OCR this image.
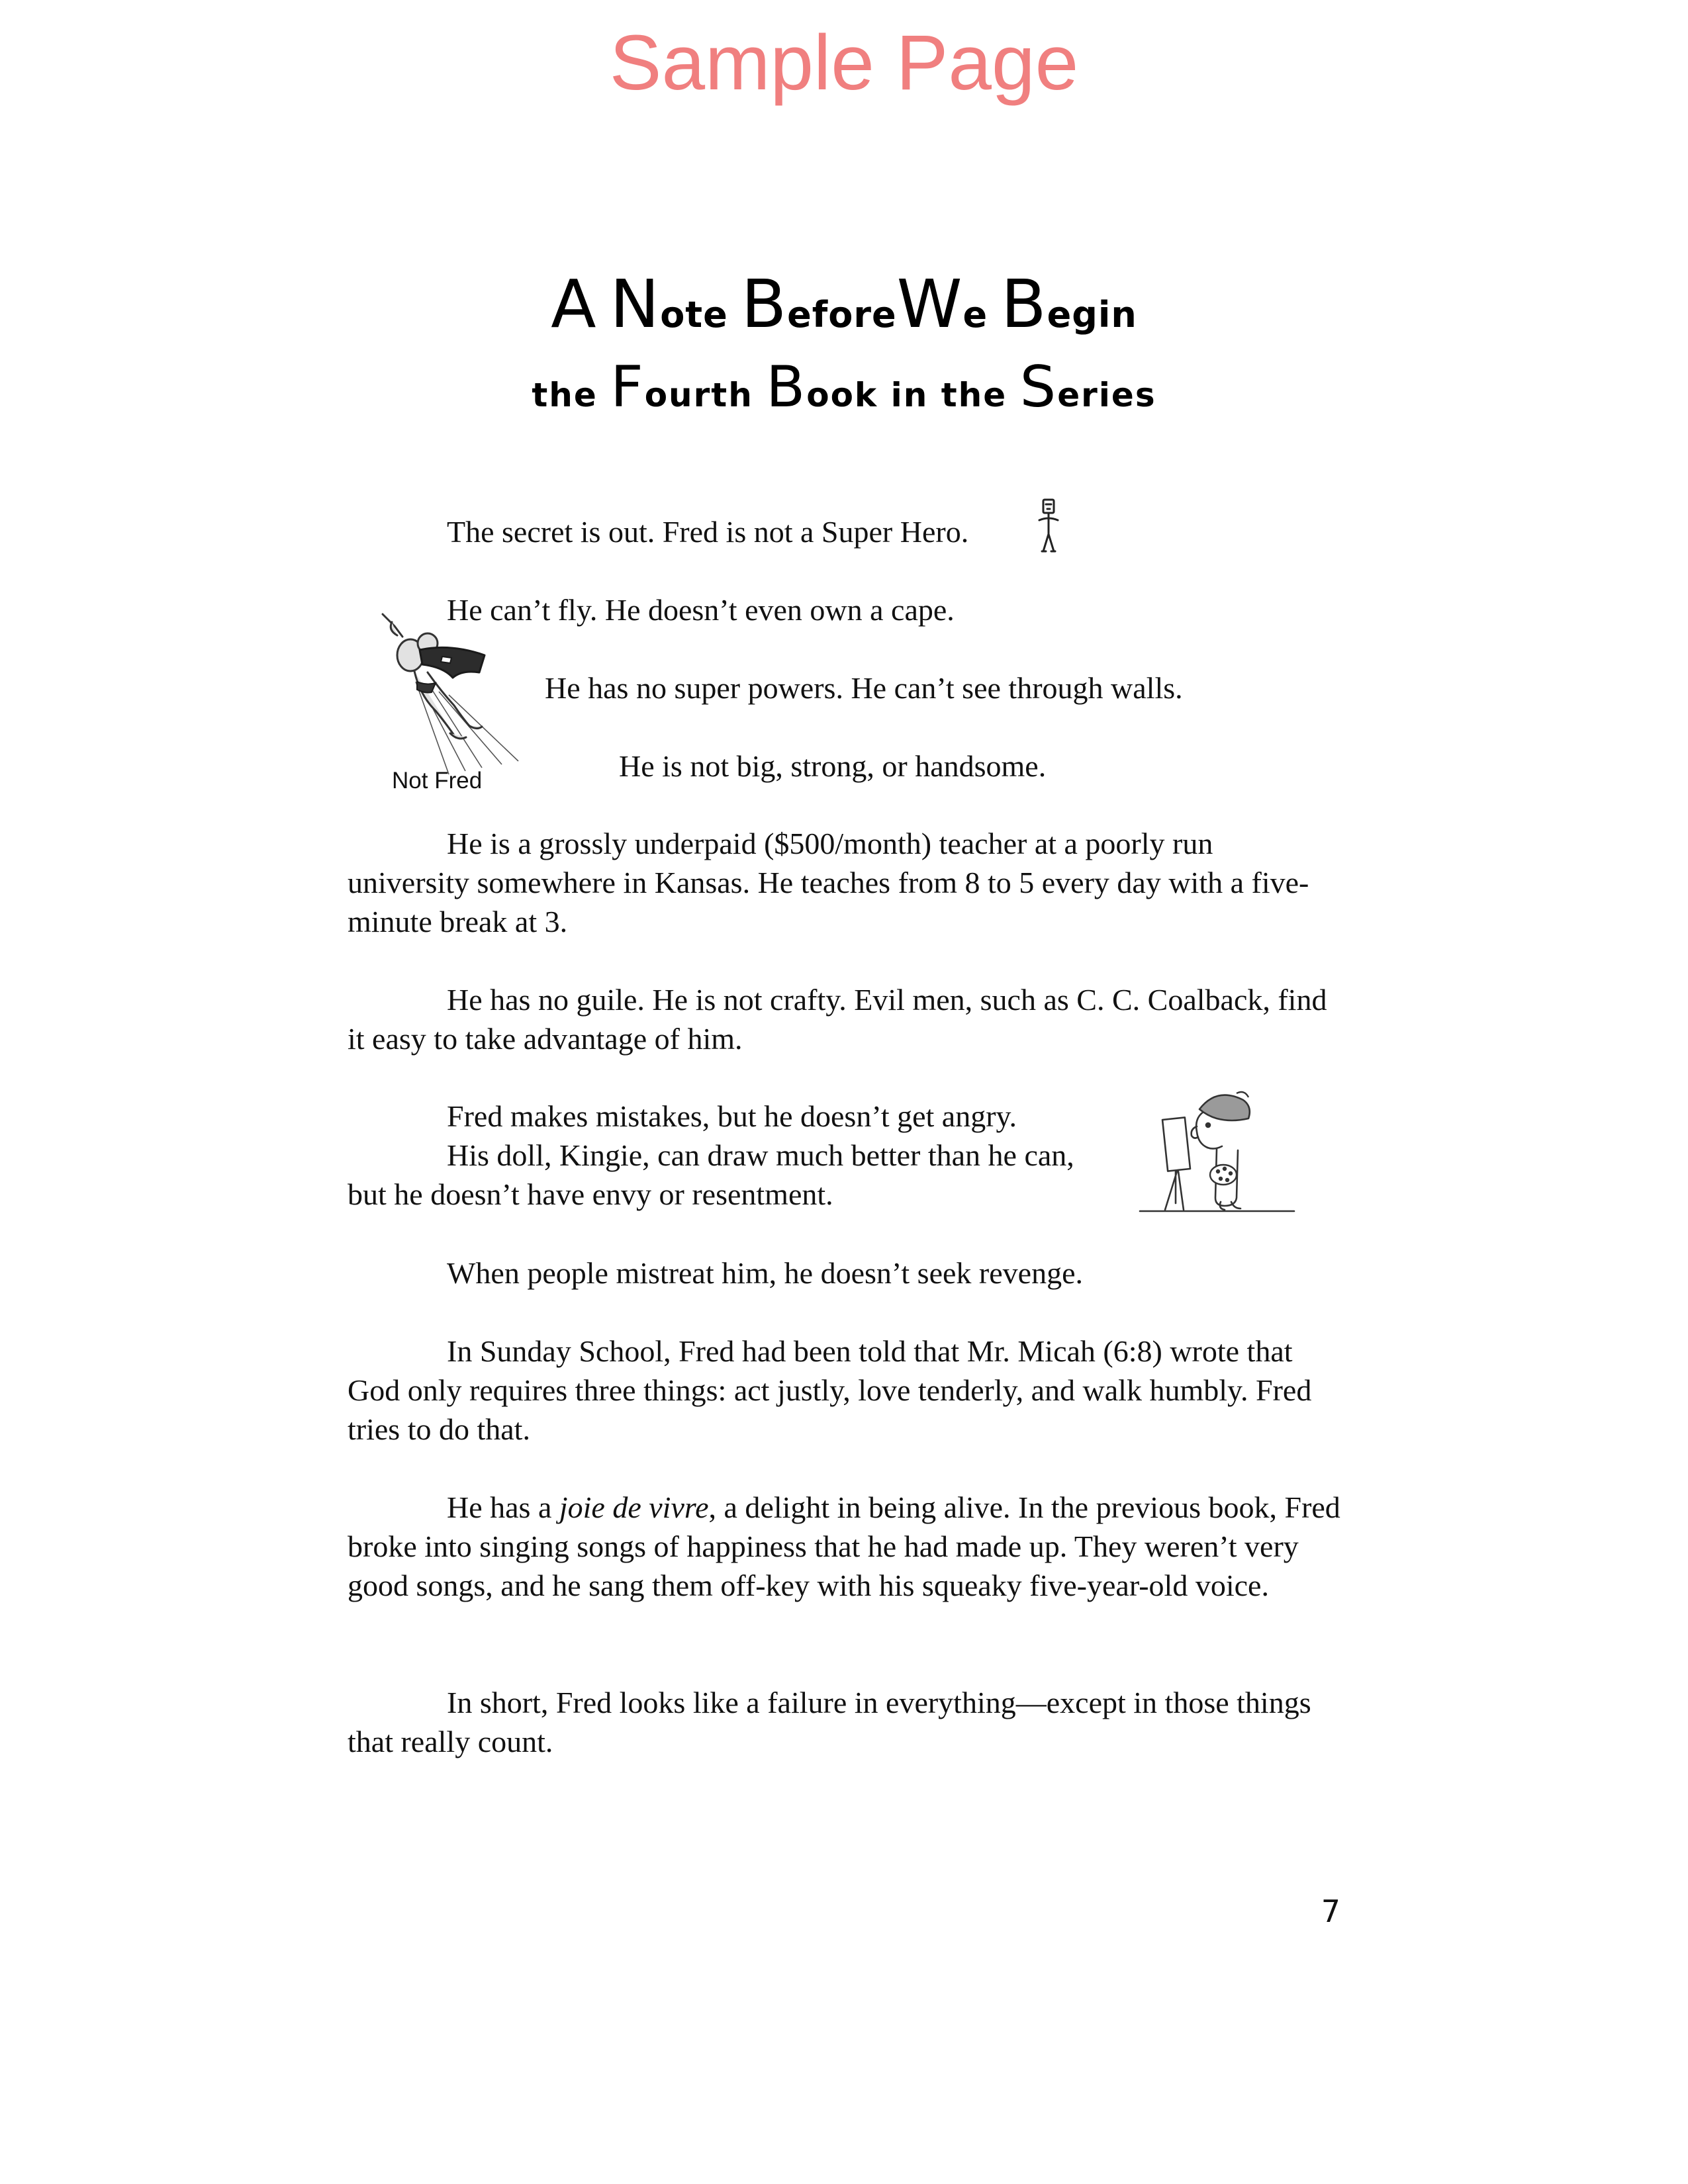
Sample Page
A Note BeforeWe Begin
the Fourth Book in the Series
The secret is out. Fred is not a Super Hero.
He can’t fly. He doesn’t even own a cape.
He has no super powers. He can’t see through walls.
He is not big, strong, or handsome.
Not Fred

He is a grossly underpaid ($500/month) teacher at a poorly run university somewhere in Kansas. He teaches from 8 to 5 every day with a five-minute break at 3.

He has no guile. He is not crafty. Evil men, such as C. C. Coalback, find it easy to take advantage of him.

Fred makes mistakes, but he doesn’t get angry.
His doll, Kingie, can draw much better than he can,
but he doesn’t have envy or resentment.

When people mistreat him, he doesn’t seek revenge.

In Sunday School, Fred had been told that Mr. Micah (6:8) wrote that God only requires three things: act justly, love tenderly, and walk humbly. Fred tries to do that.

He has a joie de vivre, a delight in being alive. In the previous book, Fred broke into singing songs of happiness that he had made up. They weren’t very good songs, and he sang them off-key with his squeaky five-year-old voice.

In short, Fred looks like a failure in everything—except in those things that really count.

7
